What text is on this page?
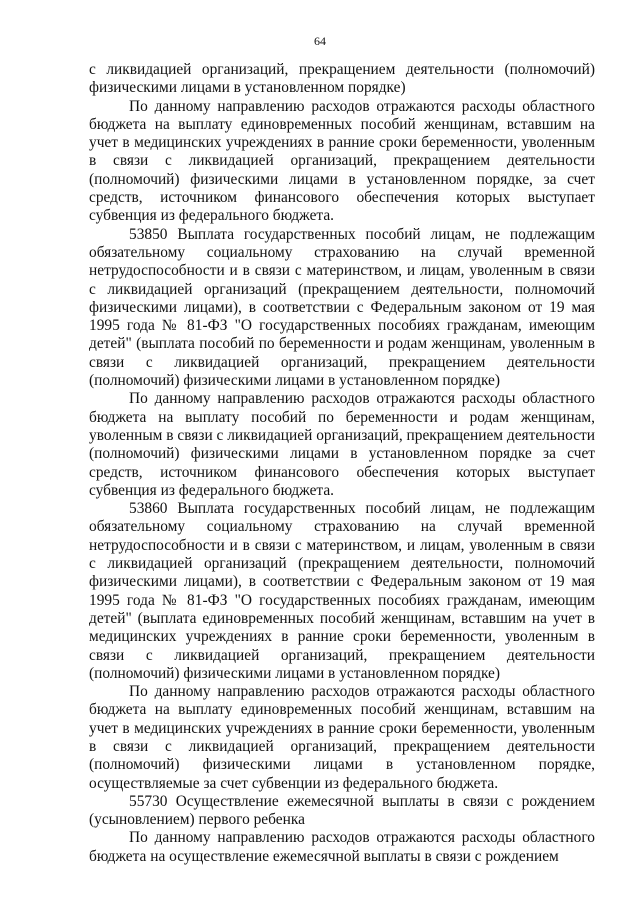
64

с ликвидацией организаций, прекращением деятельности (полномочий) физическими лицами в установленном порядке)

По данному направлению расходов отражаются расходы областного бюджета на выплату единовременных пособий женщинам, вставшим на учет в медицинских учреждениях в ранние сроки беременности, уволенным в связи с ликвидацией организаций, прекращением деятельности (полномочий) физическими лицами в установленном порядке, за счет средств, источником финансового обеспечения которых выступает субвенция из федерального бюджета.

53850 Выплата государственных пособий лицам, не подлежащим обязательному социальному страхованию на случай временной нетрудоспособности и в связи с материнством, и лицам, уволенным в связи с ликвидацией организаций (прекращением деятельности, полномочий физическими лицами), в соответствии с Федеральным законом от 19 мая 1995 года № 81-ФЗ "О государственных пособиях гражданам, имеющим детей" (выплата пособий по беременности и родам женщинам, уволенным в связи с ликвидацией организаций, прекращением деятельности (полномочий) физическими лицами в установленном порядке)

По данному направлению расходов отражаются расходы областного бюджета на выплату пособий по беременности и родам женщинам, уволенным в связи с ликвидацией организаций, прекращением деятельности (полномочий) физическими лицами в установленном порядке за счет средств, источником финансового обеспечения которых выступает субвенция из федерального бюджета.

53860 Выплата государственных пособий лицам, не подлежащим обязательному социальному страхованию на случай временной нетрудоспособности и в связи с материнством, и лицам, уволенным в связи с ликвидацией организаций (прекращением деятельности, полномочий физическими лицами), в соответствии с Федеральным законом от 19 мая 1995 года № 81-ФЗ "О государственных пособиях гражданам, имеющим детей" (выплата единовременных пособий женщинам, вставшим на учет в медицинских учреждениях в ранние сроки беременности, уволенным в связи с ликвидацией организаций, прекращением деятельности (полномочий) физическими лицами в установленном порядке)

По данному направлению расходов отражаются расходы областного бюджета на выплату единовременных пособий женщинам, вставшим на учет в медицинских учреждениях в ранние сроки беременности, уволенным в связи с ликвидацией организаций, прекращением деятельности (полномочий) физическими лицами в установленном порядке, осуществляемые за счет субвенции из федерального бюджета.

55730 Осуществление ежемесячной выплаты в связи с рождением (усыновлением) первого ребенка

По данному направлению расходов отражаются расходы областного бюджета на осуществление ежемесячной выплаты в связи с рождением
